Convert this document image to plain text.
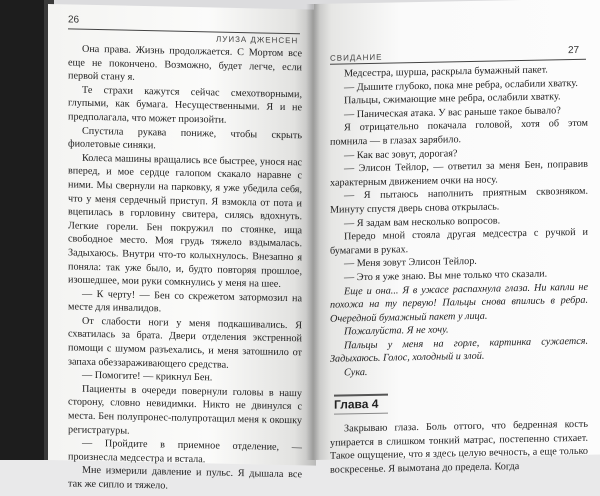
26
ЛУИЗА ДЖЕНСЕН

Она права. Жизнь продолжается. С Мортом все еще не покончено. Возможно, будет легче, если первой стану я.

Те страхи кажутся сейчас смехотворными, глупыми, как бумага. Несущественными. Я и не предполагала, что может произойти.

Спустила рукава пониже, чтобы скрыть фиолетовые синяки.

Колеса машины вращались все быстрее, унося нас вперед, и мое сердце галопом скакало наравне с ними. Мы свернули на парковку, я уже убедила себя, что у меня сердечный приступ. Я взмокла от пота и вцепилась в горловину свитера, силясь вдохнуть. Легкие горели. Бен покружил по стоянке, ища свободное место. Моя грудь тяжело вздымалась. Задыхаюсь. Внутри что-то колыхнулось. Внезапно я поняла: так уже было, и, будто повторяя прошлое, изошедшее, мои руки сомкнулись у меня на шее.

— К черту! — Бен со скрежетом затормозил на месте для инвалидов.

От слабости ноги у меня подкашивались. Я схватилась за брата. Двери отделения экстренной помощи с шумом разъехались, и меня затошнило от запаха обеззараживающего средства.

— Помогите! — крикнул Бен.

Пациенты в очереди повернули головы в нашу сторону, словно невидимки. Никто не двинулся с места. Бен полупронес-полупротащил меня к окошку регистратуры.

— Пройдите в приемное отделение, — произнесла медсестра и встала.

Мне измерили давление и пульс. Я дышала все так же сипло и тяжело.

СВИДАНИЕ
27

Медсестра, шурша, раскрыла бумажный пакет.

— Дышите глубоко, пока мне ребра, ослабили хватку.

Пальцы, сжимающие мне ребра, ослабили хватку.

— Паническая атака. У вас раньше такое бывало?

Я отрицательно покачала головой, хотя об этом помнила — в глазах зарябило.

— Как вас зовут, дорогая?

— Элисон Тейлор, — ответил за меня Бен, поправив характерным движением очки на носу.

— Я пытаюсь наполнить приятным сквозняком. Минуту спустя дверь снова открылась.

— Я задам вам несколько вопросов.

Передо мной стояла другая медсестра с ручкой и бумагами в руках.

— Меня зовут Элисон Тейлор.

— Это я уже знаю. Вы мне только что сказали.

Еще и она... Я в ужасе распахнула глаза. Ни капли не похожа на ту первую! Пальцы снова впились в ребра. Очередной бумажный пакет у лица.

Пожалуйста. Я не хочу.

Пальцы у меня на горле, картинка сужается. Задыхаюсь. Голос, холодный и злой.

Сука.

Глава 4

Закрываю глаза. Боль оттого, что бедренная кость упирается в слишком тонкий матрас, постепенно стихает. Такое ощущение, что я здесь целую вечность, а еще только воскресенье. Я вымотана до предела. Когда
